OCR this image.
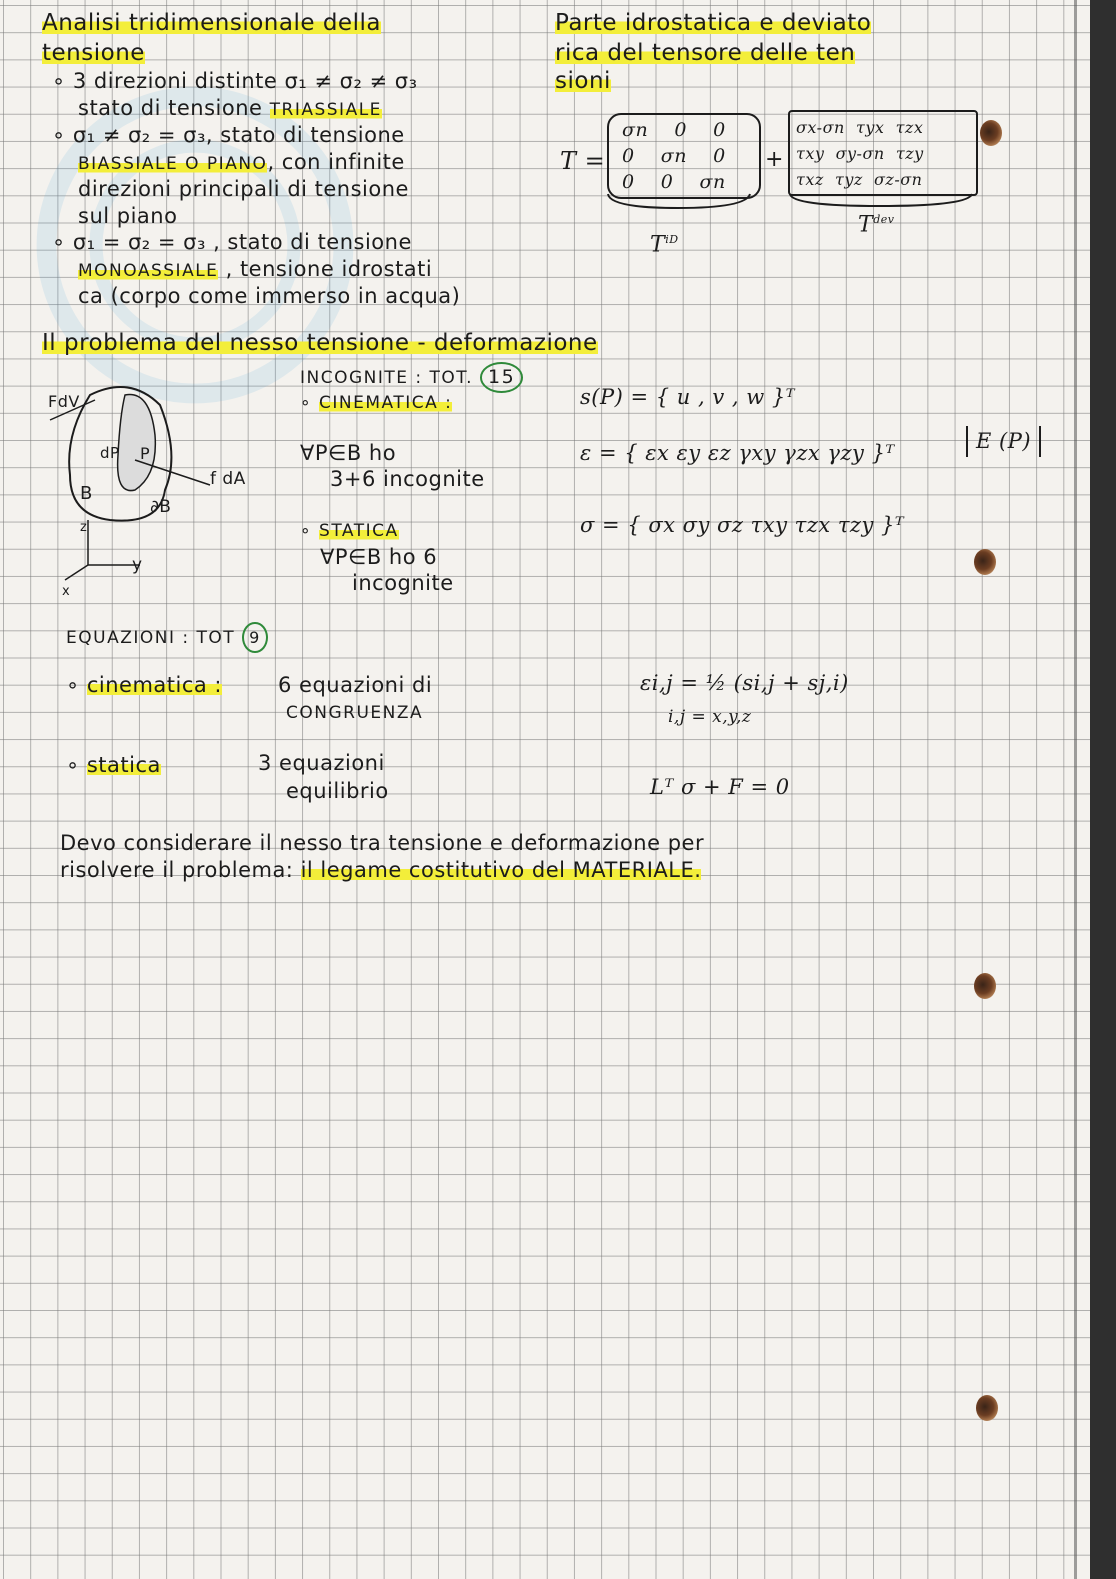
Analisi tridimensionale della
tensione
∘ 3 direzioni distinte σ₁ ≠ σ₂ ≠ σ₃
stato di tensione TRIASSIALE
∘ σ₁ ≠ σ₂ = σ₃, stato di tensione
BIASSIALE O PIANO, con infinite
direzioni principali di tensione
sul piano
∘ σ₁ = σ₂ = σ₃ , stato di tensione
MONOASSIALE , tensione idrostati
ca (corpo come immerso in acqua)
Parte idrostatica e deviato
rica del tensore delle ten
sioni
T =
σn 0 0
0 σn 0
0 0 σn
+
σx-σn τyx τzx
τxy σy-σn τzy
τxz τyz σz-σn
$T^{iD}$
$T^{dev}$
Il problema del nesso tensione - deformazione
INCOGNITE : TOT. 15
∘ CINEMATICA :
∀P∈B ho
3+6 incognite
∘ STATICA
∀P∈B ho 6
incognite
s(P) = { u , v , w }ᵀ
ε = { εx εy εz γxy γzx γzy }ᵀ	E (P)
σ = { σx σy σz τxy τzx τzy }ᵀ
FdV
dP P
f dA
B
∂B
z
y
x
EQUAZIONI : TOT 9
∘ cinematica :	6 equazioni di
CONGRUENZA
εi,j = ½ (si,j + sj,i)
i,j = x,y,z
∘ statica	3 equazioni
equilibrio	Lᵀ σ + F = 0
Devo considerare il nesso tra tensione e deformazione per
risolvere il problema: il legame costitutivo del MATERIALE.
